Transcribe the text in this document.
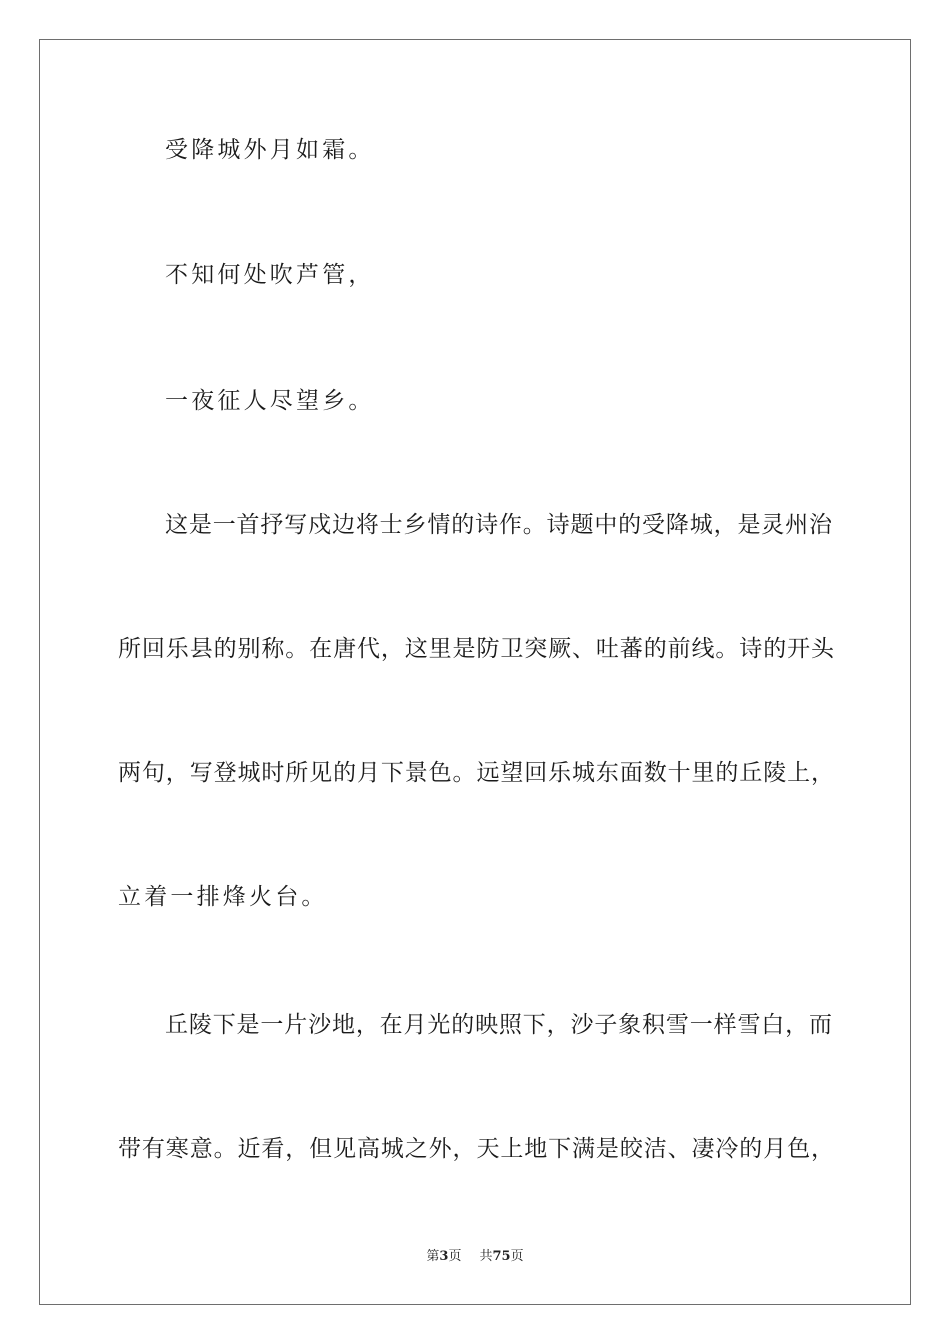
受降城外月如霜。
不知何处吹芦管，
一夜征人尽望乡。
这是一首抒写戍边将士乡情的诗作。诗题中的受降城，是灵州治
所回乐县的别称。在唐代，这里是防卫突厥、吐蕃的前线。诗的开头
两句，写登城时所见的月下景色。远望回乐城东面数十里的丘陵上，
立着一排烽火台。
丘陵下是一片沙地，在月光的映照下，沙子象积雪一样雪白，而
带有寒意。近看，但见高城之外，天上地下满是皎洁、凄冷的月色，
第3页 共75页
